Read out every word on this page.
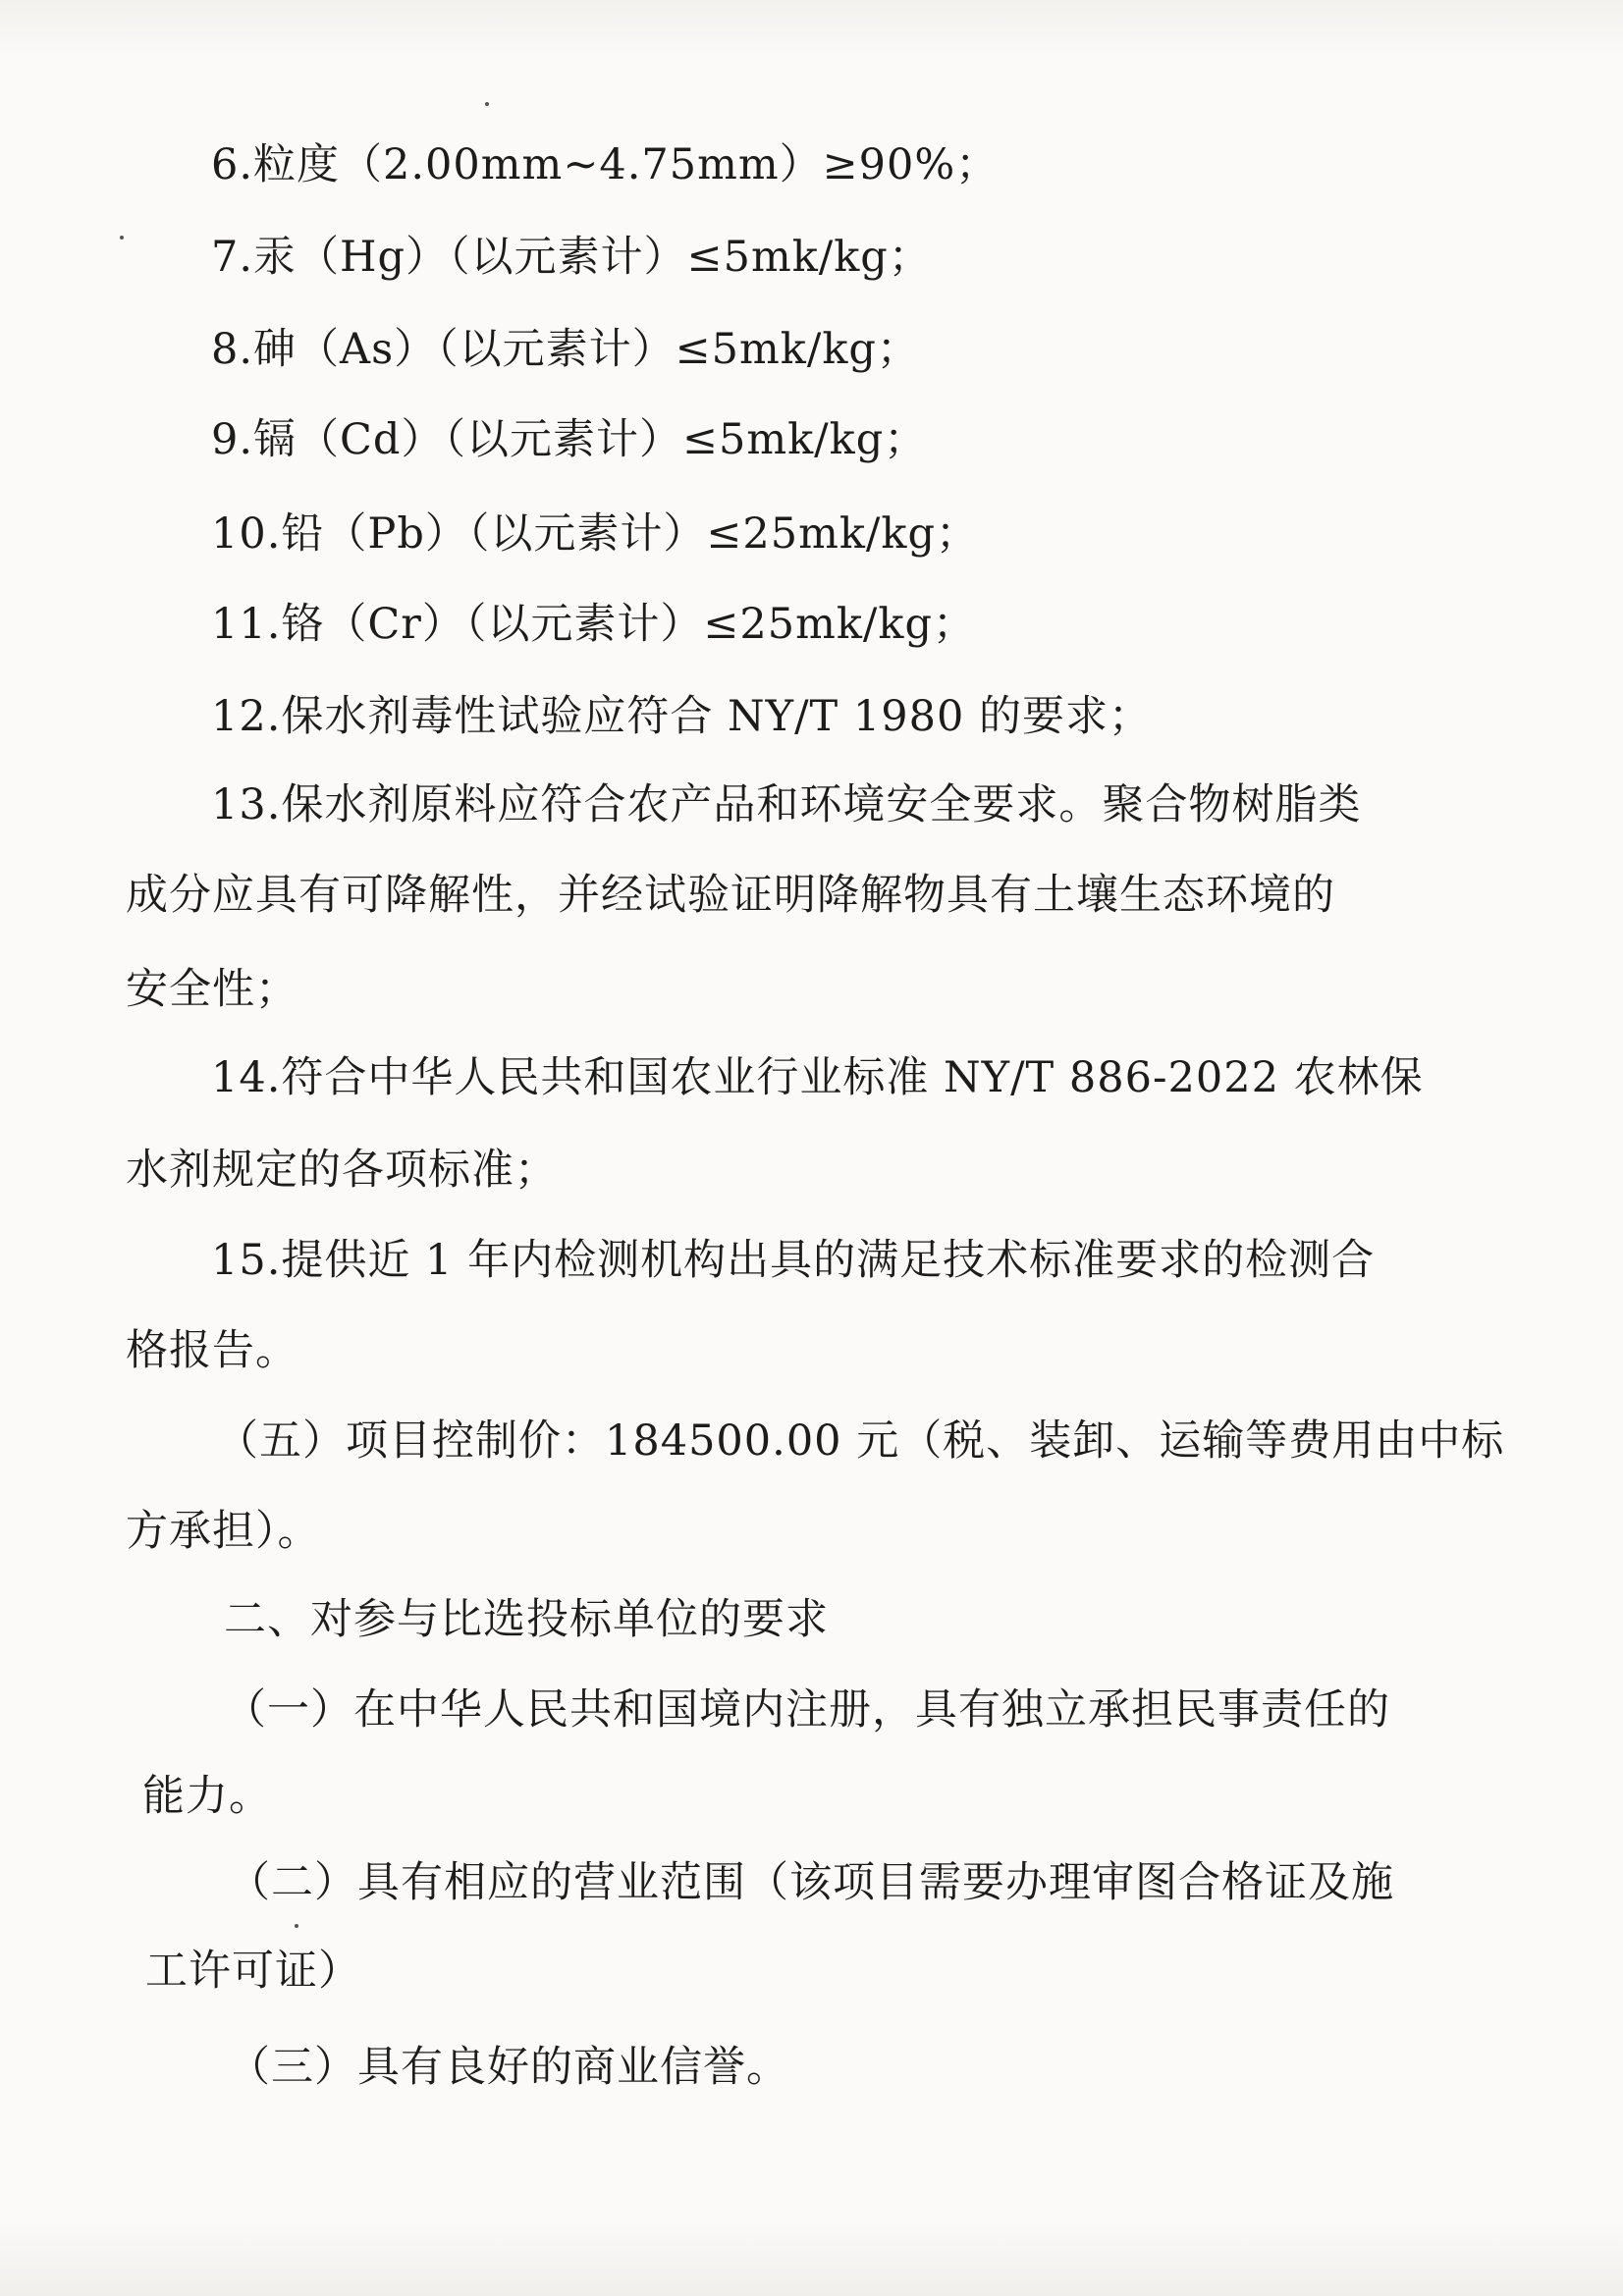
6.粒度（2.00mm~4.75mm）≥90%；
7.汞（Hg）（以元素计）≤5mk/kg；
8.砷（As）（以元素计）≤5mk/kg；
9.镉（Cd）（以元素计）≤5mk/kg；
10.铅（Pb）（以元素计）≤25mk/kg；
11.铬（Cr）（以元素计）≤25mk/kg；
12.保水剂毒性试验应符合 NY/T 1980 的要求；
13.保水剂原料应符合农产品和环境安全要求。聚合物树脂类
成分应具有可降解性，并经试验证明降解物具有土壤生态环境的
安全性；
14.符合中华人民共和国农业行业标准 NY/T 886-2022 农林保
水剂规定的各项标准；
15.提供近 1 年内检测机构出具的满足技术标准要求的检测合
格报告。
（五）项目控制价：184500.00 元（税、装卸、运输等费用由中标
方承担）。
二、对参与比选投标单位的要求
（一）在中华人民共和国境内注册，具有独立承担民事责任的
能力。
（二）具有相应的营业范围（该项目需要办理审图合格证及施
工许可证）
（三）具有良好的商业信誉。
